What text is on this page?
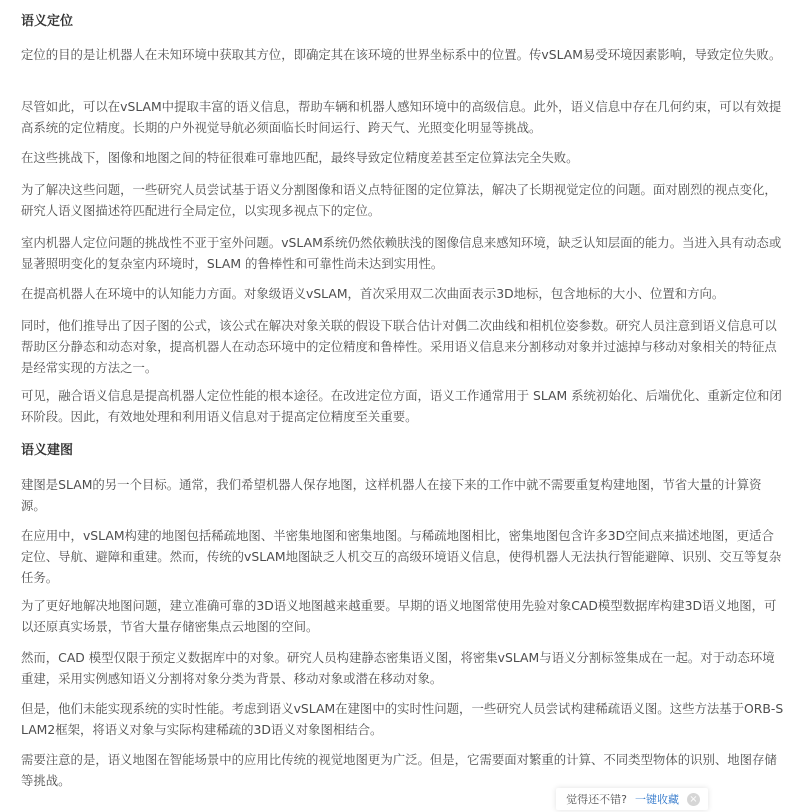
语义定位

定位的目的是让机器人在未知环境中获取其方位，即确定其在该环境的世界坐标系中的位置。传vSLAM易受环境因素影响，导致定位失败。

尽管如此，可以在vSLAM中提取丰富的语义信息，帮助车辆和机器人感知环境中的高级信息。此外，语义信息中存在几何约束，可以有效提高系统的定位精度。长期的户外视觉导航必须面临长时间运行、跨天气、光照变化明显等挑战。

在这些挑战下，图像和地图之间的特征很难可靠地匹配，最终导致定位精度差甚至定位算法完全失败。

为了解决这些问题，一些研究人员尝试基于语义分割图像和语义点特征图的定位算法，解决了长期视觉定位的问题。面对剧烈的视点变化，研究人语义图描述符匹配进行全局定位，以实现多视点下的定位。

室内机器人定位问题的挑战性不亚于室外问题。vSLAM系统仍然依赖肤浅的图像信息来感知环境，缺乏认知层面的能力。当进入具有动态或显著照明变化的复杂室内环境时，SLAM 的鲁棒性和可靠性尚未达到实用性。

在提高机器人在环境中的认知能力方面。对象级语义vSLAM，首次采用双二次曲面表示3D地标，包含地标的大小、位置和方向。

同时，他们推导出了因子图的公式，该公式在解决对象关联的假设下联合估计对偶二次曲线和相机位姿参数。研究人员注意到语义信息可以帮助区分静态和动态对象，提高机器人在动态环境中的定位精度和鲁棒性。采用语义信息来分割移动对象并过滤掉与移动对象相关的特征点是经常实现的方法之一。

可见，融合语义信息是提高机器人定位性能的根本途径。在改进定位方面，语义工作通常用于 SLAM 系统初始化、后端优化、重新定位和闭环阶段。因此，有效地处理和利用语义信息对于提高定位精度至关重要。

语义建图

建图是SLAM的另一个目标。通常，我们希望机器人保存地图，这样机器人在接下来的工作中就不需要重复构建地图，节省大量的计算资源。

在应用中，vSLAM构建的地图包括稀疏地图、半密集地图和密集地图。与稀疏地图相比，密集地图包含许多3D空间点来描述地图，更适合定位、导航、避障和重建。然而，传统的vSLAM地图缺乏人机交互的高级环境语义信息，使得机器人无法执行智能避障、识别、交互等复杂任务。

为了更好地解决地图问题，建立准确可靠的3D语义地图越来越重要。早期的语义地图常使用先验对象CAD模型数据库构建3D语义地图，可以还原真实场景，节省大量存储密集点云地图的空间。

然而，CAD 模型仅限于预定义数据库中的对象。研究人员构建静态密集语义图，将密集vSLAM与语义分割标签集成在一起。对于动态环境重建，采用实例感知语义分割将对象分类为背景、移动对象或潜在移动对象。

但是，他们未能实现系统的实时性能。考虑到语义vSLAM在建图中的实时性问题，一些研究人员尝试构建稀疏语义图。这些方法基于ORB-SLAM2框架，将语义对象与实际构建稀疏的3D语义对象图相结合。

需要注意的是，语义地图在智能场景中的应用比传统的视觉地图更为广泛。但是，它需要面对繁重的计算、不同类型物体的识别、地图存储等挑战。

觉得还不错? 一键收藏 ×
